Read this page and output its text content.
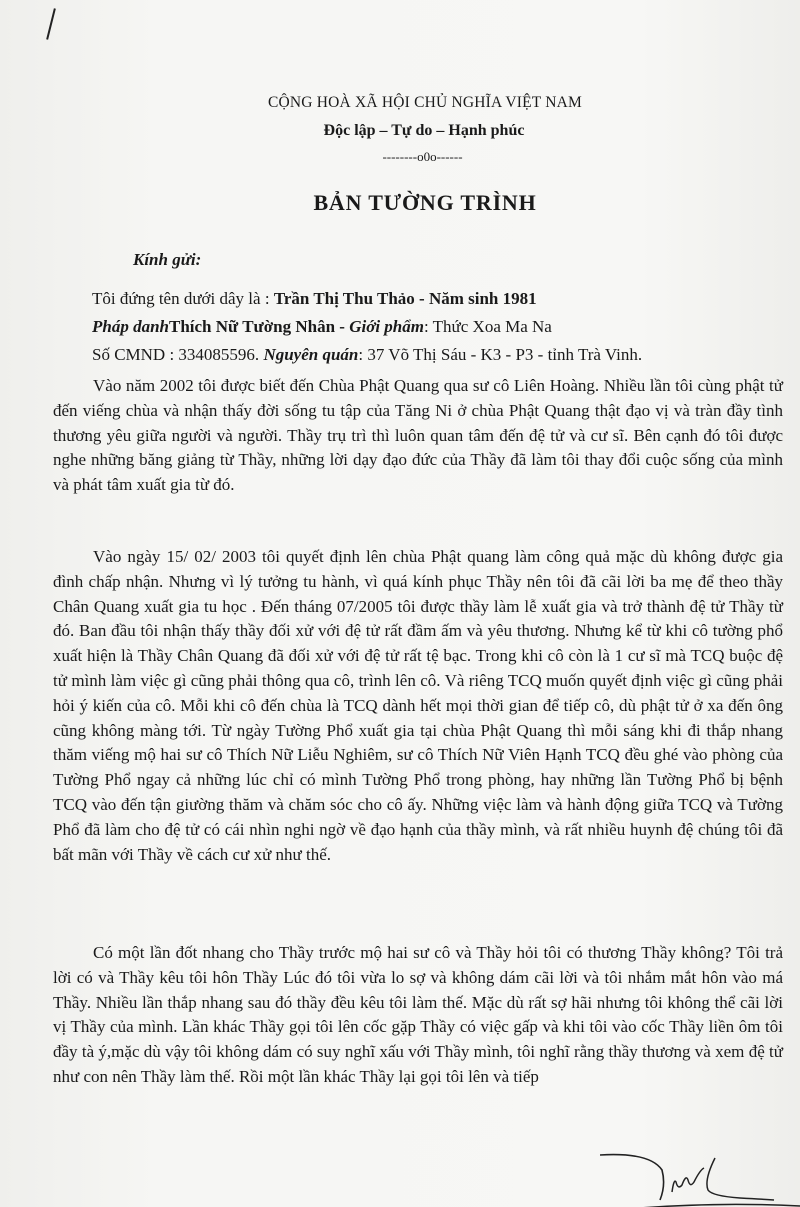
CỘNG HOÀ XÃ HỘI CHỦ NGHĨA VIỆT NAM
Độc lập – Tự do – Hạnh phúc
--------o0o------
BẢN TƯỜNG TRÌNH
Kính gửi:
Tôi đứng tên dưới dây là : Trần Thị Thu Thảo - Năm sinh 1981
Pháp danhThích Nữ Tường Nhân - Giới phẩm: Thức Xoa Ma Na
Số CMND : 334085596. Nguyên quán: 37 Võ Thị Sáu - K3 - P3 - tỉnh Trà Vinh.

Vào năm 2002 tôi được biết đến Chùa Phật Quang qua sư cô Liên Hoàng. Nhiều lần tôi cùng phật tử đến viếng chùa và nhận thấy đời sống tu tập của Tăng Ni ở chùa Phật Quang thật đạo vị và tràn đầy tình thương yêu giữa người và người. Thầy trụ trì thì luôn quan tâm đến đệ tử và cư sĩ. Bên cạnh đó tôi được nghe những băng giảng từ Thầy, những lời dạy đạo đức của Thầy đã làm tôi thay đổi cuộc sống của mình và phát tâm xuất gia từ đó.

Vào ngày 15/ 02/ 2003 tôi quyết định lên chùa Phật quang làm công quả mặc dù không được gia đình chấp nhận. Nhưng vì lý tưởng tu hành, vì quá kính phục Thầy nên tôi đã cãi lời ba mẹ để theo thầy Chân Quang xuất gia tu học . Đến tháng 07/2005 tôi được thầy làm lễ xuất gia và trở thành đệ tử Thầy từ đó. Ban đầu tôi nhận thấy thầy đối xử với đệ tử rất đầm ấm và yêu thương. Nhưng kể từ khi cô tường phổ xuất hiện là Thầy Chân Quang đã đối xử với đệ tử rất tệ bạc. Trong khi cô còn là 1 cư sĩ mà TCQ buộc đệ tử mình làm việc gì cũng phải thông qua cô, trình lên cô. Và riêng TCQ muốn quyết định việc gì cũng phải hỏi ý kiến của cô. Mỗi khi cô đến chùa là TCQ dành hết mọi thời gian để tiếp cô, dù phật tử ở xa đến ông cũng không màng tới. Từ ngày Tường Phổ xuất gia tại chùa Phật Quang thì mỗi sáng khi đi thắp nhang thăm viếng mộ hai sư cô Thích Nữ Liễu Nghiêm, sư cô Thích Nữ Viên Hạnh TCQ đều ghé vào phòng của Tường Phổ ngay cả những lúc chỉ có mình Tường Phổ trong phòng, hay những lần Tường Phổ bị bệnh TCQ vào đến tận giường thăm và chăm sóc cho cô ấy. Những việc làm và hành động giữa TCQ và Tường Phổ đã làm cho đệ tử có cái nhìn nghi ngờ về đạo hạnh của thầy mình, và rất nhiều huynh đệ chúng tôi đã bất mãn với Thầy về cách cư xử như thế.

Có một lần đốt nhang cho Thầy trước mộ hai sư cô và Thầy hỏi tôi có thương Thầy không? Tôi trả lời có và Thầy kêu tôi hôn Thầy Lúc đó tôi vừa lo sợ và không dám cãi lời và tôi nhắm mắt hôn vào má Thầy. Nhiều lần thắp nhang sau đó thầy đều kêu tôi làm thế. Mặc dù rất sợ hãi nhưng tôi không thể cãi lời vị Thầy của mình. Lần khác Thầy gọi tôi lên cốc gặp Thầy có việc gấp và khi tôi vào cốc Thầy liền ôm tôi đầy tà ý,mặc dù vậy tôi không dám có suy nghĩ xấu với Thầy mình, tôi nghĩ rằng thầy thương và xem đệ tử như con nên Thầy làm thế. Rồi một lần khác Thầy lại gọi tôi lên và tiếp
